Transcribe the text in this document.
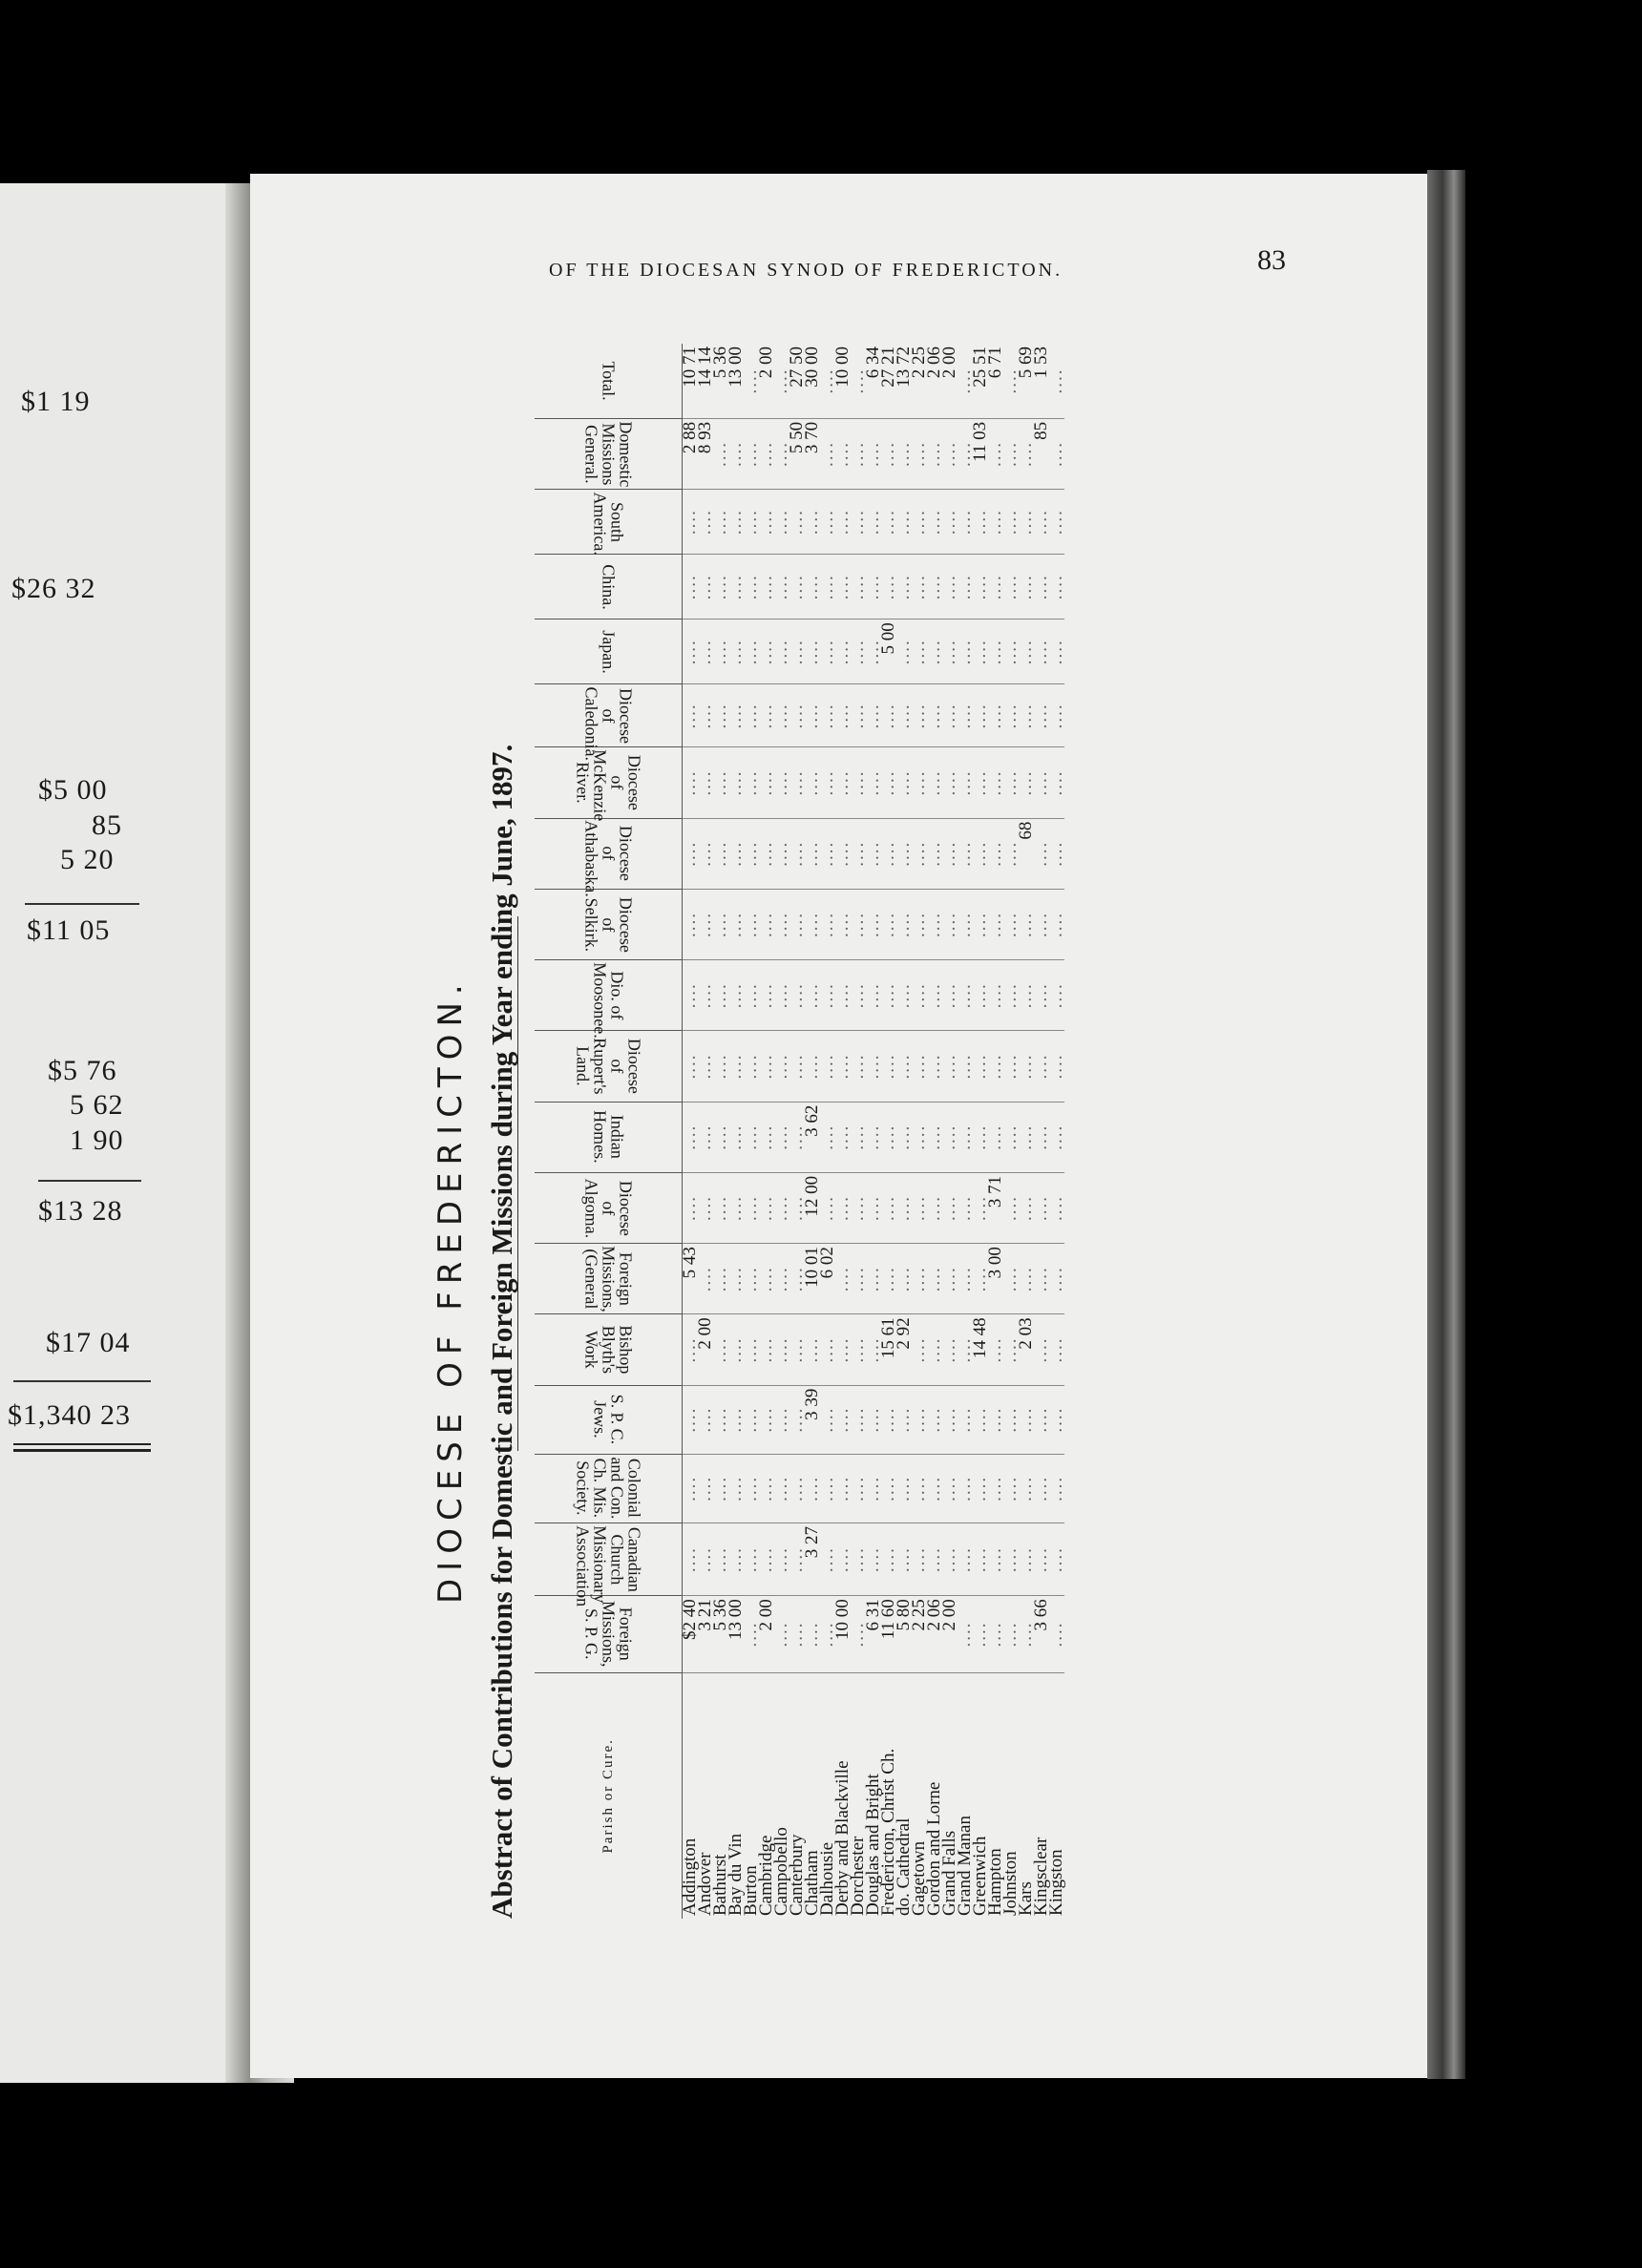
$1 19
$26 32
$5 00
85
5 20
$11 05
$5 76
5 62
1 90
$13 28
$17 04
$1,340 23
OF THE DIOCESAN SYNOD OF FREDERICTON.	83
DIOCESE OF FREDERICTON. Abstract of Contributions for Domestic and Foreign Missions during Year ending June, 1897.	Parish or Cure.	Foreign Missions, S. P. G.	Canadian Church Missionary Association	Colonial and Con. Ch. Mis. Society.	S. P. C. Jews.	Bishop Blyth's Work	Foreign Missions, (General	Diocese of Algoma.	Indian Homes.	Diocese of Rupert's Land.	Dio. of Moosonee.	Diocese of Selkirk.	Diocese of Athabaska.	Diocese of McKenzie River.	Diocese of Caledonia.	Japan.	China.	South America.	Domestic Missions General.	Total.
Addington	$2 40	....	....	....	....	5 43	....	....	....	....	....	....	....	....	....	....	....	2 88	10 71
Andover	3 21	....	....	....	2 00	....	....	....	....	....	....	....	....	....	....	....	....	8 93	14 14
Bathurst	5 36	....	....	....	....	....	....	....	....	....	....	....	....	....	....	....	....	....	5 36
Bay du Vin	13 00	....	....	....	....	....	....	....	....	....	....	....	....	....	....	....	....	....	13 00
Burton	....	....	....	....	....	....	....	....	....	....	....	....	....	....	....	....	....	....	....
Cambridge	2 00	....	....	....	....	....	....	....	....	....	....	....	....	....	....	....	....	....	2 00
Campobello	....	....	....	....	....	....	....	....	....	....	....	....	....	....	....	....	....	....	....
Canterbury	....	....	....	....	....	....	....	....	....	....	....	....	....	....	....	....	....	5 50	27 50
Chatham	....	3 27	....	3 39	....	10 01	12 00	3 62	....	....	....	....	....	....	....	....	....	3 70	30 00
Dalhousie	....	....	....	....	....	6 02	....	....	....	....	....	....	....	....	....	....	....	....	....
Derby and Blackville	10 00	....	....	....	....	....	....	....	....	....	....	....	....	....	....	....	....	....	10 00
Dorchester	....	....	....	....	....	....	....	....	....	....	....	....	....	....	....	....	....	....	....
Douglas and Bright	6 31	....	....	....	....	....	....	....	....	....	....	....	....	....	....	....	....	....	6 34
Fredericton, Christ Ch.	11 60	....	....	....	15 61	....	....	....	....	....	....	....	....	....	5 00	....	....	....	27 21
do. Cathedral	5 80	....	....	....	2 92	....	....	....	....	....	....	....	....	....	....	....	....	....	13 72
Gagetown	2 25	....	....	....	....	....	....	....	....	....	....	....	....	....	....	....	....	....	2 25
Gordon and Lorne	2 06	....	....	....	....	....	....	....	....	....	....	....	....	....	....	....	....	....	2 06
Grand Falls	2 00	....	....	....	....	....	....	....	....	....	....	....	....	....	....	....	....	....	2 00
Grand Manan	....	....	....	....	....	....	....	....	....	....	....	....	....	....	....	....	....	....	....
Greenwich	....	....	....	....	14 48	....	....	....	....	....	....	....	....	....	....	....	....	11 03	25 51
Hampton	....	....	....	....	....	3 00	3 71	....	....	....	....	....	....	....	....	....	....	....	6 71
Johnston	....	....	....	....	....	....	....	....	....	....	....	....	....	....	....	....	....	....	....
Kars	....	....	....	....	2 03	....	....	....	....	....	....	68	....	....	....	....	....	....	5 69
Kingsclear	3 66	....	....	....	....	....	....	....	....	....	....	....	....	....	....	....	....	85	1 53
Kingston	....	....	....	....	....	....	....	....	....	....	....	....	....	....	....	....	....	....	....
